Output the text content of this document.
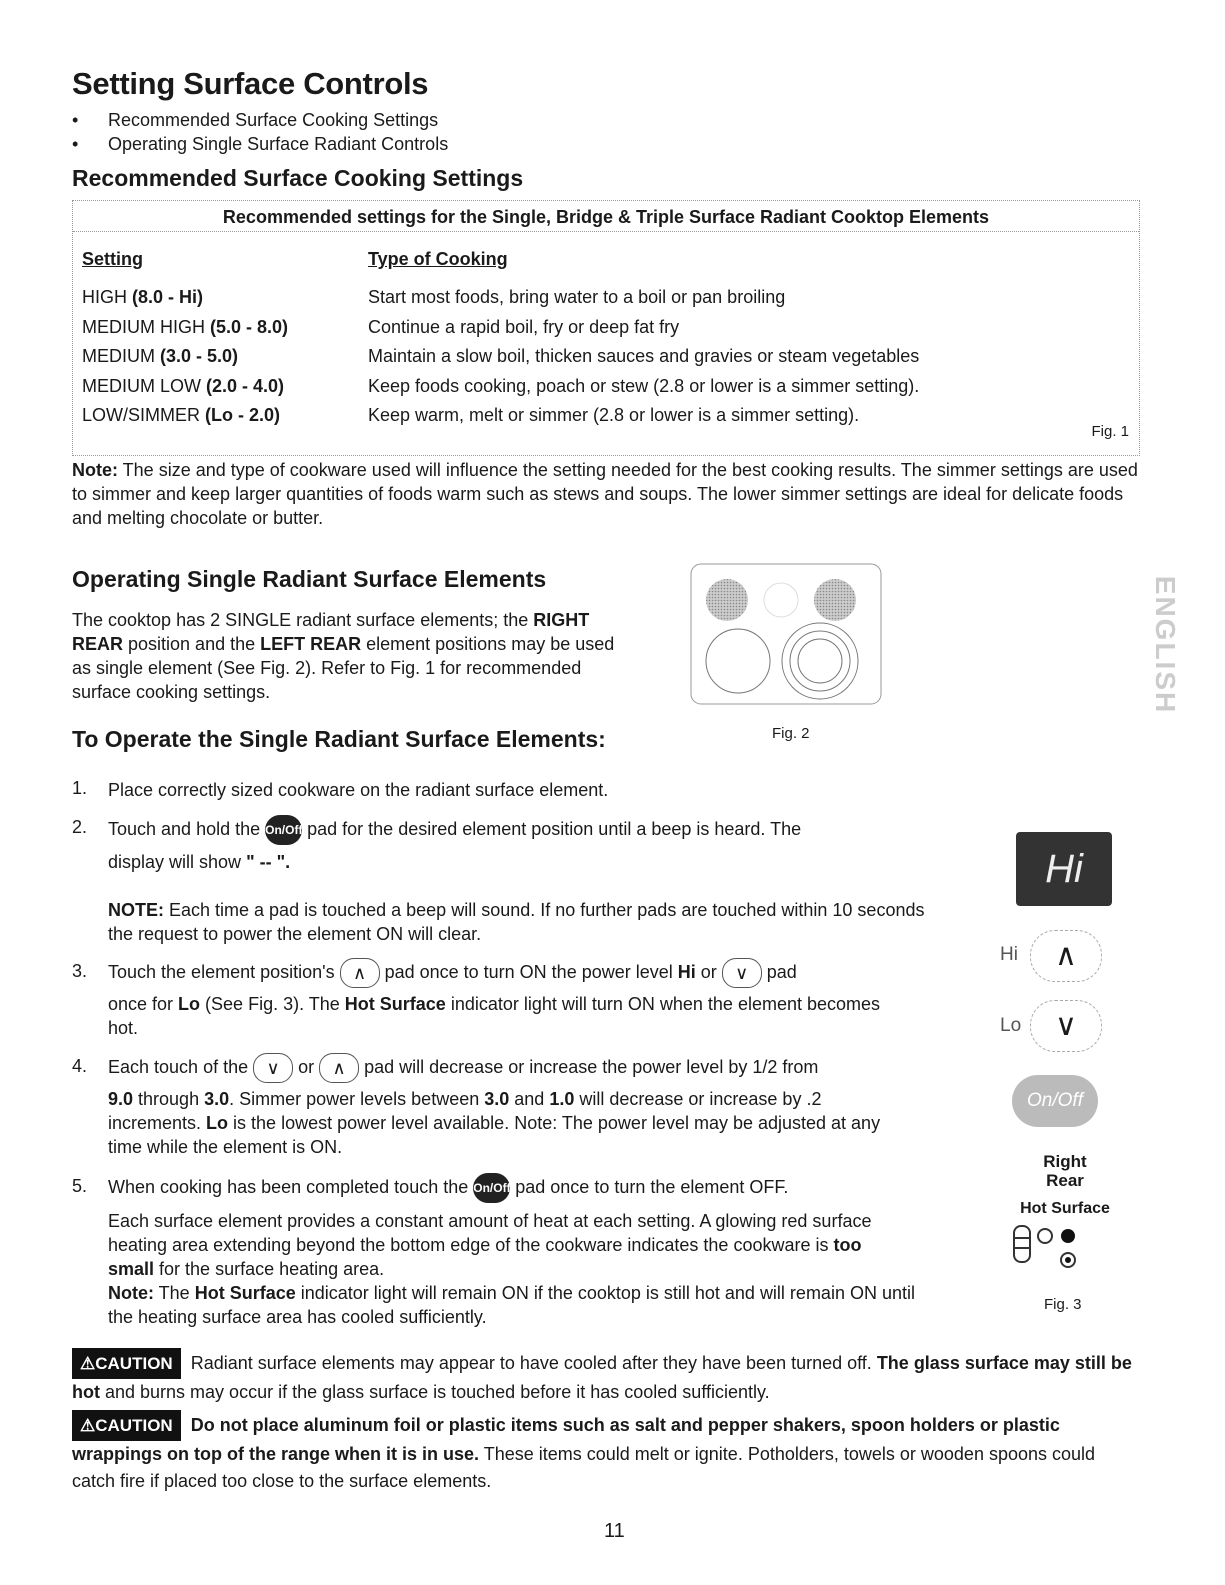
Setting Surface Controls
• Recommended Surface Cooking Settings
• Operating Single Surface Radiant Controls
Recommended Surface Cooking Settings
Recommended settings for the Single, Bridge & Triple Surface Radiant Cooktop Elements
Setting	Type of Cooking
HIGH (8.0 - Hi)	Start most foods, bring water to a boil or pan broiling
MEDIUM HIGH (5.0 - 8.0)	Continue a rapid boil, fry or deep fat fry
MEDIUM (3.0 - 5.0)	Maintain a slow boil, thicken sauces and gravies or steam vegetables
MEDIUM LOW (2.0 - 4.0)	Keep foods cooking, poach or stew (2.8 or lower is a simmer setting).
LOW/SIMMER (Lo - 2.0)	Keep warm, melt or simmer (2.8 or lower is a simmer setting).
Fig. 1

Note: The size and type of cookware used will influence the setting needed for the best cooking results. The simmer settings are used to simmer and keep larger quantities of foods warm such as stews and soups. The lower simmer settings are ideal for delicate foods and melting chocolate or butter.

Operating Single Radiant Surface Elements

The cooktop has 2 SINGLE radiant surface elements; the RIGHT REAR position and the LEFT REAR element positions may be used as single element (See Fig. 2). Refer to Fig. 1 for recommended surface cooking settings.

Fig. 2
To Operate the Single Radiant Surface Elements:
1. Place correctly sized cookware on the radiant surface element.
2. Touch and hold the On/Off pad for the desired element position until a beep is heard. The
display will show " -- ".
NOTE: Each time a pad is touched a beep will sound. If no further pads are touched within 10 seconds the request to power the element ON will clear.
3. Touch the element position's ∧ pad once to turn ON the power level Hi or ∨ pad
once for Lo (See Fig. 3). The Hot Surface indicator light will turn ON when the element becomes hot.
4. Each touch of the ∨ or ∧ pad will decrease or increase the power level by 1/2 from
9.0 through 3.0. Simmer power levels between 3.0 and 1.0 will decrease or increase by .2 increments. Lo is the lowest power level available. Note: The power level may be adjusted at any time while the element is ON.
5. When cooking has been completed touch the On/Off pad once to turn the element OFF.
Each surface element provides a constant amount of heat at each setting. A glowing red surface heating area extending beyond the bottom edge of the cookware indicates the cookware is too small for the surface heating area.
Note: The Hot Surface indicator light will remain ON if the cooktop is still hot and will remain ON until the heating surface area has cooled sufficiently.
Hi
Hi	∧
Lo	∨
On/Off
Right
Rear
Hot Surface
Fig. 3

⚠CAUTION Radiant surface elements may appear to have cooled after they have been turned off. The glass surface may still be hot and burns may occur if the glass surface is touched before it has cooled sufficiently.

⚠CAUTION Do not place aluminum foil or plastic items such as salt and pepper shakers, spoon holders or plastic wrappings on top of the range when it is in use. These items could melt or ignite. Potholders, towels or wooden spoons could catch fire if placed too close to the surface elements.

ENGLISH
11
